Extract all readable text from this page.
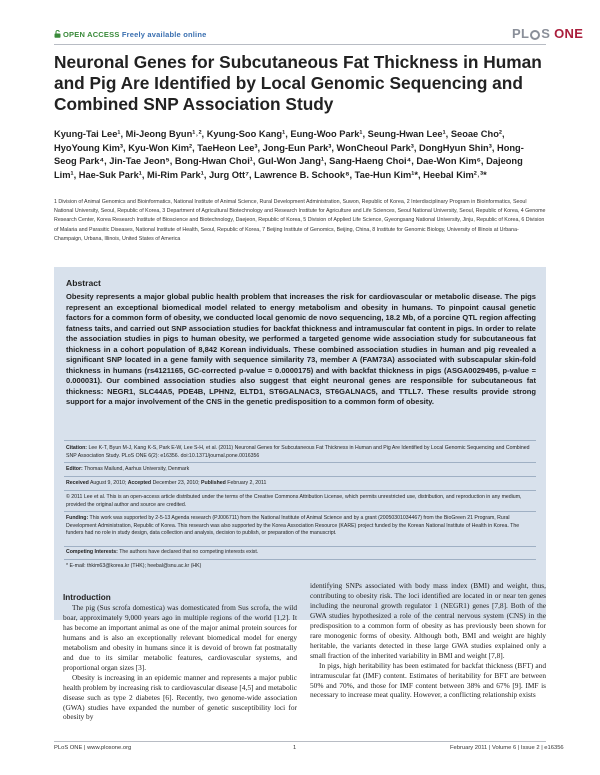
OPEN ACCESS Freely available online	PL S ONE
Neuronal Genes for Subcutaneous Fat Thickness in Human and Pig Are Identified by Local Genomic Sequencing and Combined SNP Association Study
Kyung-Tai Lee¹, Mi-Jeong Byun¹˒², Kyung-Soo Kang¹, Eung-Woo Park¹, Seung-Hwan Lee¹, Seoae Cho², HyoYoung Kim³, Kyu-Won Kim², TaeHeon Lee³, Jong-Eun Park³, WonCheoul Park³, DongHyun Shin³, Hong-Seog Park⁴, Jin-Tae Jeon⁵, Bong-Hwan Choi¹, Gul-Won Jang¹, Sang-Haeng Choi⁴, Dae-Won Kim⁶, Dajeong Lim¹, Hae-Suk Park¹, Mi-Rim Park¹, Jurg Ott⁷, Lawrence B. Schook⁸, Tae-Hun Kim¹*, Heebal Kim²˒³*
1 Division of Animal Genomics and Bioinformatics, National Institute of Animal Science, Rural Development Administration, Suwon, Republic of Korea, 2 Interdisciplinary Program in Bioinformatics, Seoul National University, Seoul, Republic of Korea, 3 Department of Agricultural Biotechnology and Research Institute for Agriculture and Life Sciences, Seoul National University, Seoul, Republic of Korea, 4 Genome Research Center, Korea Research Institute of Bioscience and Biotechnology, Daejeon, Republic of Korea, 5 Division of Applied Life Science, Gyeongsang National University, Jinju, Republic of Korea, 6 Division of Malaria and Parasitic Diseases, National Institute of Health, Seoul, Republic of Korea, 7 Beijing Institute of Genomics, Beijing, China, 8 Institute for Genomic Biology, University of Illinois at Urbana-Champaign, Urbana, Illinois, United States of America
Abstract
Obesity represents a major global public health problem that increases the risk for cardiovascular or metabolic disease. The pigs represent an exceptional biomedical model related to energy metabolism and obesity in humans. To pinpoint causal genetic factors for a common form of obesity, we conducted local genomic de novo sequencing, 18.2 Mb, of a porcine QTL region affecting fatness taits, and carried out SNP association studies for backfat thickness and intramuscular fat content in pigs. In order to relate the association studies in pigs to human obesity, we performed a targeted genome wide association study for subcutaneous fat thickness in a cohort population of 8,842 Korean individuals. These combined association studies in human and pig revealed a significant SNP located in a gene family with sequence similarity 73, member A (FAM73A) associated with subscapular skin-fold thickness in humans (rs4121165, GC-corrected p-value = 0.0000175) and with backfat thickness in pigs (ASGA0029495, p-value = 0.000031). Our combined association studies also suggest that eight neuronal genes are responsible for subcutaneous fat thickness: NEGR1, SLC44A5, PDE4B, LPHN2, ELTD1, ST6GALNAC3, ST6GALNAC5, and TTLL7. These results provide strong support for a major involvement of the CNS in the genetic predisposition to a common form of obesity.
Citation: Lee K-T, Byun M-J, Kang K-S, Park E-W, Lee S-H, et al. (2011) Neuronal Genes for Subcutaneous Fat Thickness in Human and Pig Are Identified by Local Genomic Sequencing and Combined SNP Association Study. PLoS ONE 6(2): e16356. doi:10.1371/journal.pone.0016356
Editor: Thomas Mailund, Aarhus University, Denmark
Received August 9, 2010; Accepted December 23, 2010; Published February 2, 2011
© 2011 Lee et al. This is an open-access article distributed under the terms of the Creative Commons Attribution License, which permits unrestricted use, distribution, and reproduction in any medium, provided the original author and source are credited.
Funding: This work was supported by 2-5-13 Agenda research (PJ006711) from the National Institute of Animal Science and by a grant (20050301034467) from the BioGreen 21 Program, Rural Development Administration, Republic of Korea. This research was also supported by the Korea Association Resource (KARE) project funded by the Korean National Institute of Health in Korea. The funders had no role in study design, data collection and analysis, decision to publish, or preparation of the manuscript.
Competing Interests: The authors have declared that no competing interests exist.
* E-mail: thkim63@korea.kr (THK); heebal@snu.ac.kr (HK)
Introduction

The pig (Sus scrofa domestica) was domesticated from Sus scrofa, the wild boar, approximately 9,000 years ago in multiple regions of the world [1,2]. It has become an important animal as one of the major animal protein sources for humans and is also an exceptionally relevant biomedical model for energy metabolism and obesity in humans since it is devoid of brown fat postnatally and due to its similar metabolic features, cardiovascular systems, and proportional organ sizes [3].

Obesity is increasing in an epidemic manner and represents a major public health problem by increasing risk to cardiovascular disease [4,5] and metabolic disease such as type 2 diabetes [6]. Recently, two genome-wide association (GWA) studies have expanded the number of genetic susceptibility loci for obesity by

identifying SNPs associated with body mass index (BMI) and weight, thus, contributing to obesity risk. The loci identified are located in or near ten genes including the neuronal growth regulator 1 (NEGR1) genes [7,8]. Both of the GWA studies hypothesized a role of the central nervous system (CNS) in the predisposition to a common form of obesity as has previously been shown for rare monogenic forms of obesity. Although both, BMI and weight are highly heritable, the variants detected in these large GWA studies explained only a small fraction of the inherited variability in BMI and weight [7,8].

In pigs, high heritability has been estimated for backfat thickness (BFT) and intramuscular fat (IMF) content. Estimates of heritability for BFT are between 50% and 70%, and those for IMF content between 38% and 67% [9]. IMF is necessary to increase meat quality. However, a conflicting relationship exists

PLoS ONE | www.plosone.org	1	February 2011 | Volume 6 | Issue 2 | e16356
